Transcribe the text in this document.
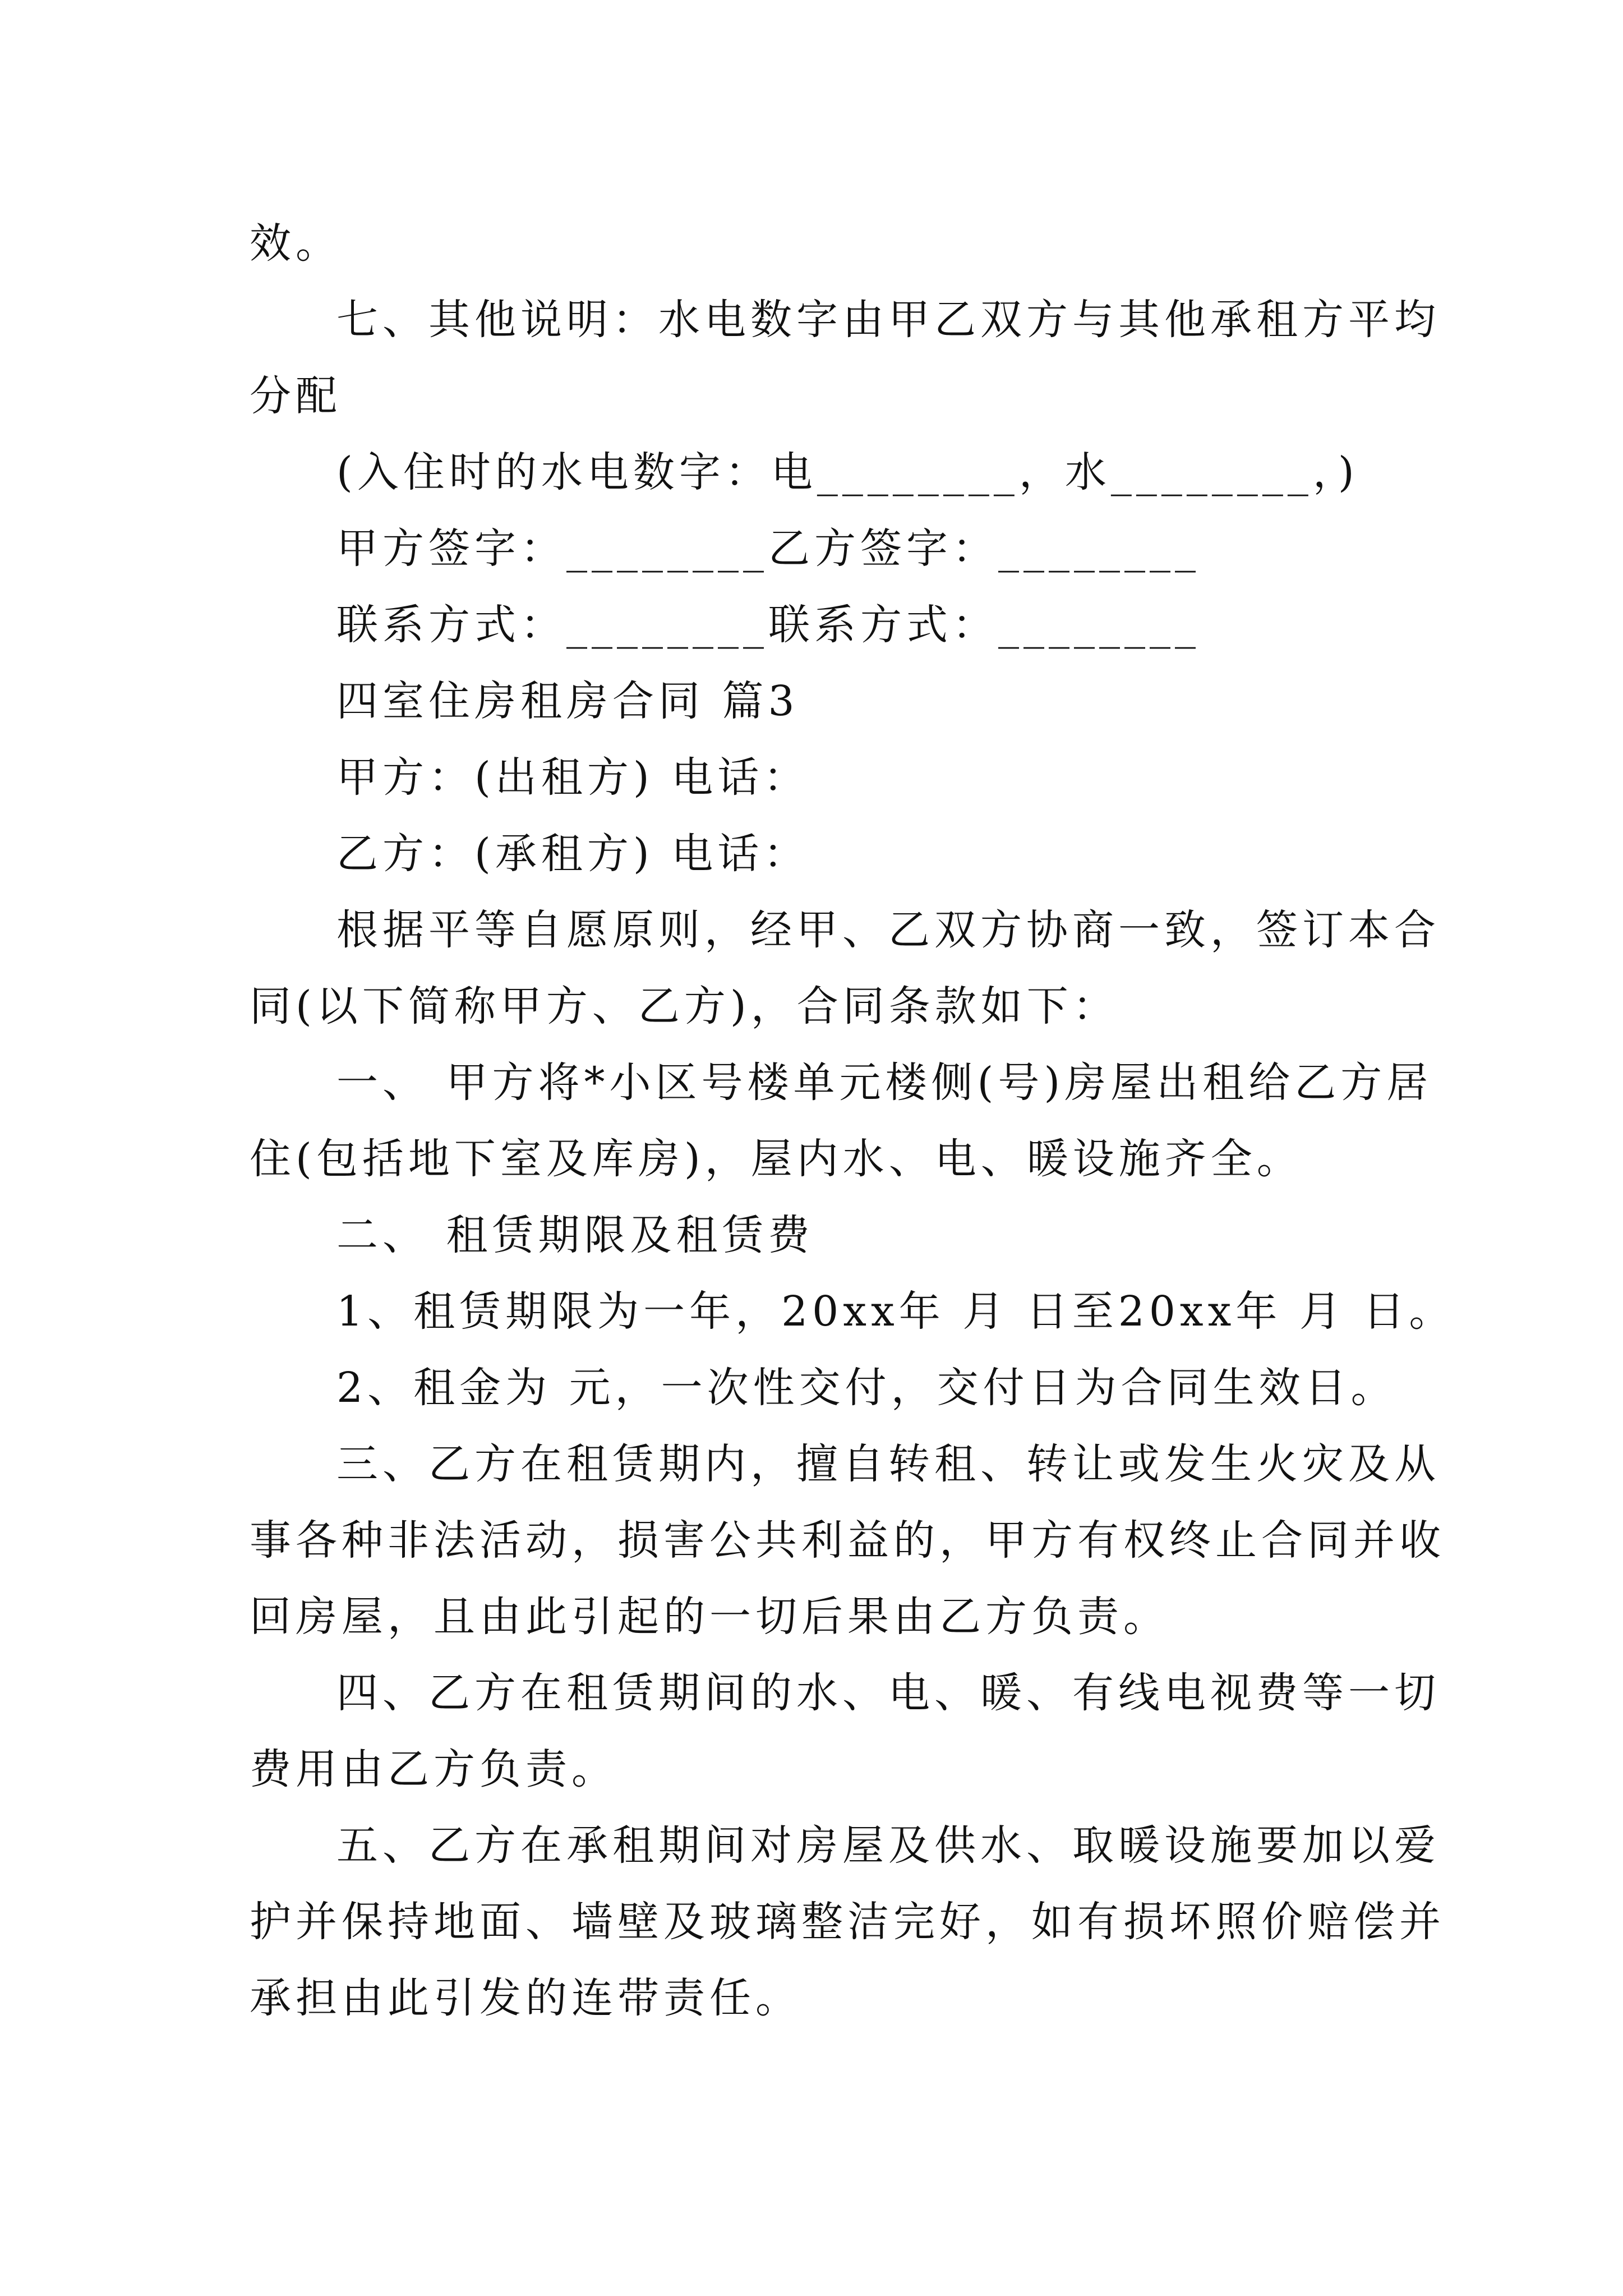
效。
七、其他说明：水电数字由甲乙双方与其他承租方平均
分配
(入住时的水电数字：电________，水________，)
甲方签字：________乙方签字：________
联系方式：________联系方式：________
四室住房租房合同 篇3
甲方：(出租方) 电话：
乙方：(承租方) 电话：
根据平等自愿原则，经甲、乙双方协商一致，签订本合
同(以下简称甲方、乙方)，合同条款如下：
一、 甲方将*小区号楼单元楼侧(号)房屋出租给乙方居
住(包括地下室及库房)，屋内水、电、暖设施齐全。
二、 租赁期限及租赁费
1、租赁期限为一年，20xx年 月 日至20xx年 月 日。
2、租金为 元，一次性交付，交付日为合同生效日。
三、乙方在租赁期内，擅自转租、转让或发生火灾及从
事各种非法活动，损害公共利益的，甲方有权终止合同并收
回房屋，且由此引起的一切后果由乙方负责。
四、乙方在租赁期间的水、电、暖、有线电视费等一切
费用由乙方负责。
五、乙方在承租期间对房屋及供水、取暖设施要加以爱
护并保持地面、墙壁及玻璃整洁完好，如有损坏照价赔偿并
承担由此引发的连带责任。
